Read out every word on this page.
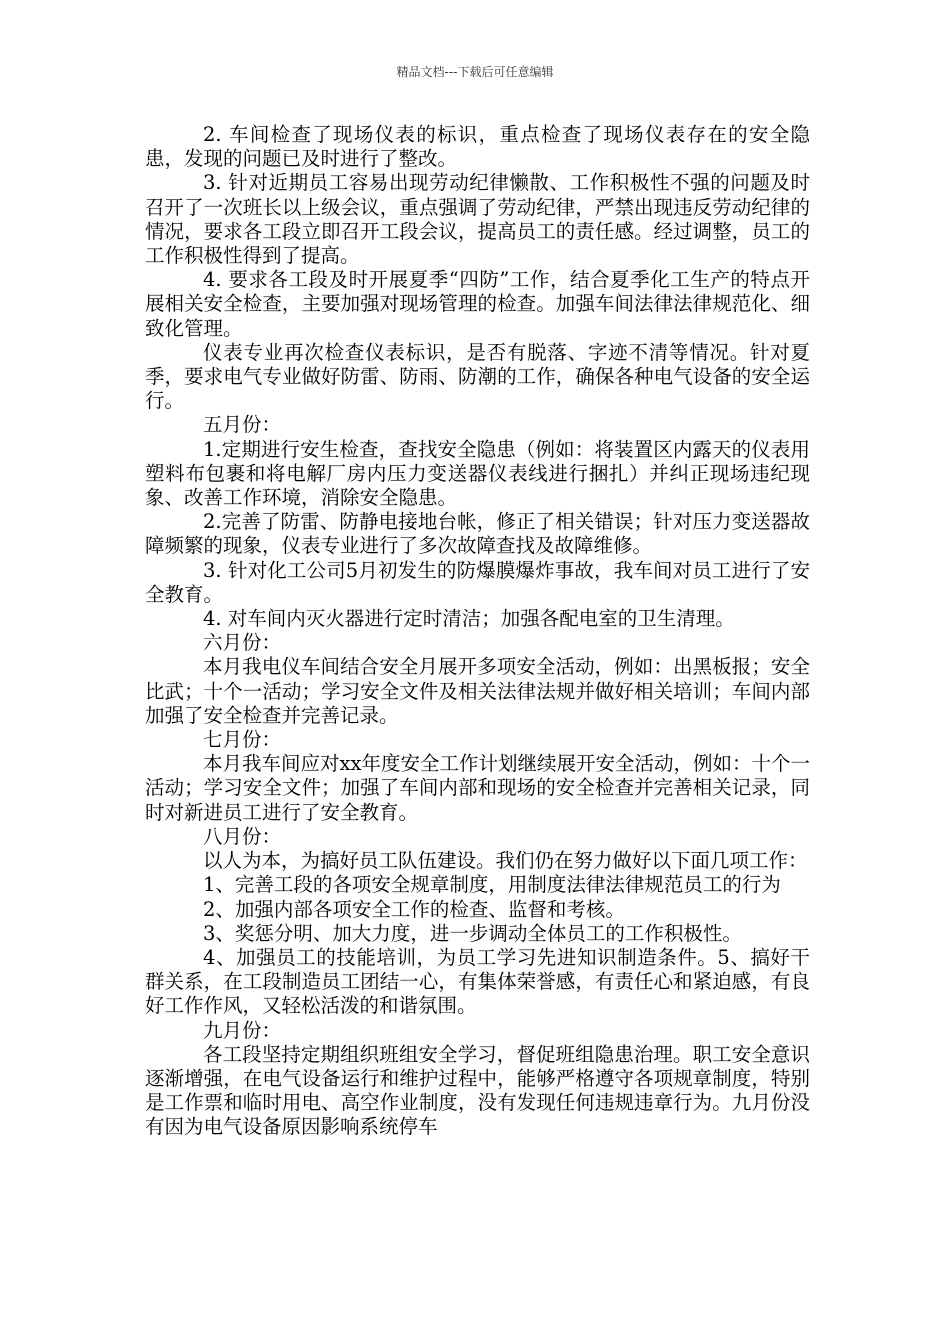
精品文档---下载后可任意编辑

2. 车间检查了现场仪表的标识，重点检查了现场仪表存在的安全隐患，发现的问题已及时进行了整改。

3. 针对近期员工容易出现劳动纪律懒散、工作积极性不强的问题及时召开了一次班长以上级会议，重点强调了劳动纪律，严禁出现违反劳动纪律的情况，要求各工段立即召开工段会议，提高员工的责任感。经过调整，员工的工作积极性得到了提高。

4. 要求各工段及时开展夏季“四防”工作，结合夏季化工生产的特点开展相关安全检查，主要加强对现场管理的检查。加强车间法律法律规范化、细致化管理。

仪表专业再次检查仪表标识，是否有脱落、字迹不清等情况。针对夏季，要求电气专业做好防雷、防雨、防潮的工作，确保各种电气设备的安全运行。

五月份：

1.定期进行安生检查，查找安全隐患（例如：将装置区内露天的仪表用塑料布包裹和将电解厂房内压力变送器仪表线进行捆扎）并纠正现场违纪现象、改善工作环境，消除安全隐患。

2.完善了防雷、防静电接地台帐，修正了相关错误；针对压力变送器故障频繁的现象，仪表专业进行了多次故障查找及故障维修。

3. 针对化工公司5月初发生的防爆膜爆炸事故，我车间对员工进行了安全教育。

4. 对车间内灭火器进行定时清洁；加强各配电室的卫生清理。

六月份：

本月我电仪车间结合安全月展开多项安全活动，例如：出黑板报；安全比武；十个一活动；学习安全文件及相关法律法规并做好相关培训；车间内部加强了安全检查并完善记录。

七月份：

本月我车间应对xx年度安全工作计划继续展开安全活动，例如：十个一活动；学习安全文件；加强了车间内部和现场的安全检查并完善相关记录，同时对新进员工进行了安全教育。

八月份：

以人为本，为搞好员工队伍建设。我们仍在努力做好以下面几项工作：

1、完善工段的各项安全规章制度，用制度法律法律规范员工的行为

2、加强内部各项安全工作的检查、监督和考核。

3、奖惩分明、加大力度，进一步调动全体员工的工作积极性。

4、加强员工的技能培训，为员工学习先进知识制造条件。5、搞好干群关系，在工段制造员工团结一心，有集体荣誉感，有责任心和紧迫感，有良好工作作风，又轻松活泼的和谐氛围。

九月份：

各工段坚持定期组织班组安全学习，督促班组隐患治理。职工安全意识逐渐增强，在电气设备运行和维护过程中，能够严格遵守各项规章制度，特别是工作票和临时用电、高空作业制度，没有发现任何违规违章行为。九月份没有因为电气设备原因影响系统停车
